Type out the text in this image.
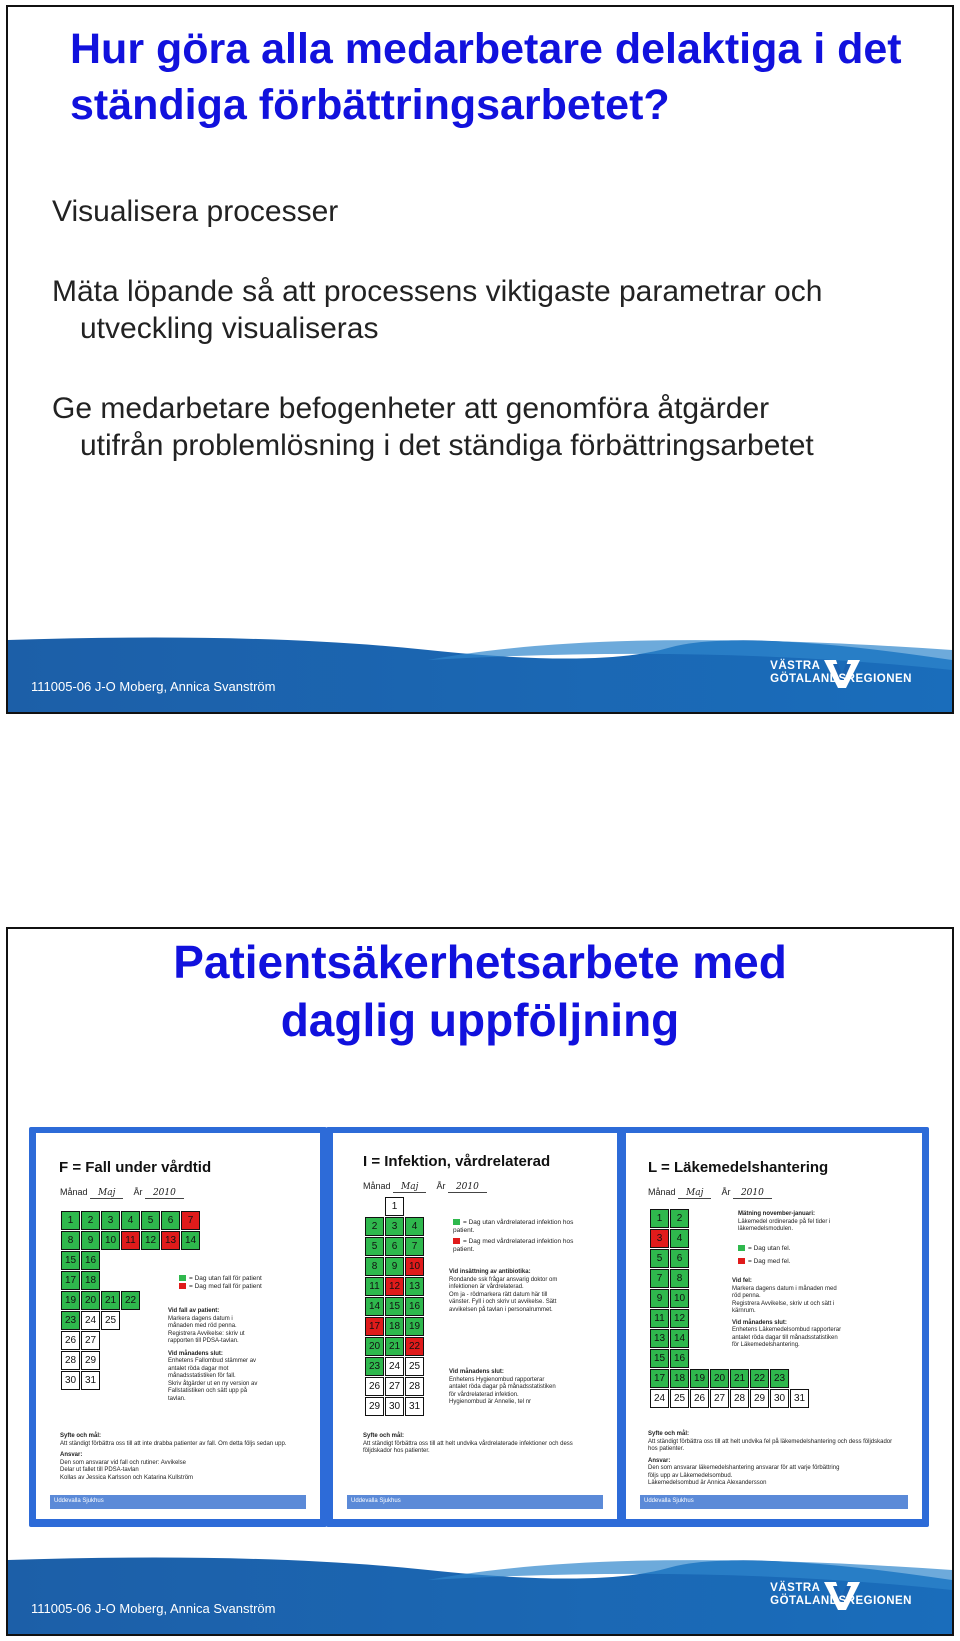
Hur göra alla medarbetare delaktiga i det ständiga förbättringsarbetet?

Visualisera processer

Mäta löpande så att processens viktigaste parametrar och
utveckling visualiseras

Ge medarbetare befogenheter att genomföra åtgärder
utifrån problemlösning i det ständiga förbättringsarbetet

111005-06 J-O Moberg, Annica Svanström
VÄSTRA
GÖTALANDSREGIONEN
Patientsäkerhetsarbete med
daglig uppföljning
F = Fall under vårdtid
Månad Maj År 2010
1	2	3	4	5	6	7
8	9	10 11 12 13 14
15 16
17 18
19 20 21 22
23 24 25
26 27
28 29
30 31
= Dag utan fall för patient
= Dag med fall för patient
Vid fall av patient:
Markera dagens datum i
månaden med röd penna.
Registrera Avvikelse: skriv ut
rapporten till PDSA-tavlan.
Vid månadens slut:
Enhetens Fallombud stämmer av
antalet röda dagar mot
månadsstatistiken för fall.
Skriv åtgärder ut en ny version av
Fallstatistiken och sätt upp på
tavlan.
Syfte och mål:
Att ständigt förbättra oss till att inte drabba patienter av fall. Om detta följs sedan upp.
Ansvar:
Den som ansvarar vid fall och rutiner: Avvikelse
Delar ut fallet till PDSA-tavlan
Kollas av Jessica Karlsson och Katarina Kullström
Uddevalla Sjukhus
I = Infektion, vårdrelaterad
Månad Maj År 2010
1
2	3	4
5	6	7
8	9	10
11 12 13
14 15 16
17 18 19
20 21 22
23 24 25
26 27 28
29 30 31
= Dag utan vårdrelaterad infektion hos patient.
= Dag med vårdrelaterad infektion hos patient.
Vid insättning av antibiotika:
Rondande ssk frågar ansvarig doktor om
infektionen är vårdrelaterad.
Om ja - rödmarkera rätt datum här till
vänster. Fyll i och skriv ut avvikelse. Sätt
avvikelsen på tavlan i personalrummet.
Vid månadens slut:
Enhetens Hygienombud rapporterar
antalet röda dagar på månadsstatistiken
för vårdrelaterad infektion.
Hygienombud är Annelie, tel nr
Syfte och mål:
Att ständigt förbättra oss till att helt undvika vårdrelaterade infektioner och dess följdskador hos patienter.
Uddevalla Sjukhus
L = Läkemedelshantering
Månad Maj År 2010
1	2
3	4
5	6
7	8
9	10
11 12
13 14
15 16
17 18 19 20 21 22 23
24 25 26 27 28 29 30 31
Mätning november-januari:
Läkemedel ordinerade på fel tider i
läkemedelsmodulen.
= Dag utan fel.
= Dag med fel.
Vid fel:
Markera dagens datum i månaden med
röd penna.
Registrera Avvikelse, skriv ut och sätt i
kärnrum.
Vid månadens slut:
Enhetens Läkemedelsombud rapporterar
antalet röda dagar till månadsstatistiken
för Läkemedelshantering.
Syfte och mål:
Att ständigt förbättra oss till att helt undvika fel på läkemedelshantering och dess följdskador hos patienter.
Ansvar:
Den som ansvarar läkemedelshantering ansvarar för att varje förbättring
följs upp av Läkemedelsombud.
Läkemedelsombud är Annica Alexandersson
Uddevalla Sjukhus
111005-06 J-O Moberg, Annica Svanström
VÄSTRA
GÖTALANDSREGIONEN
